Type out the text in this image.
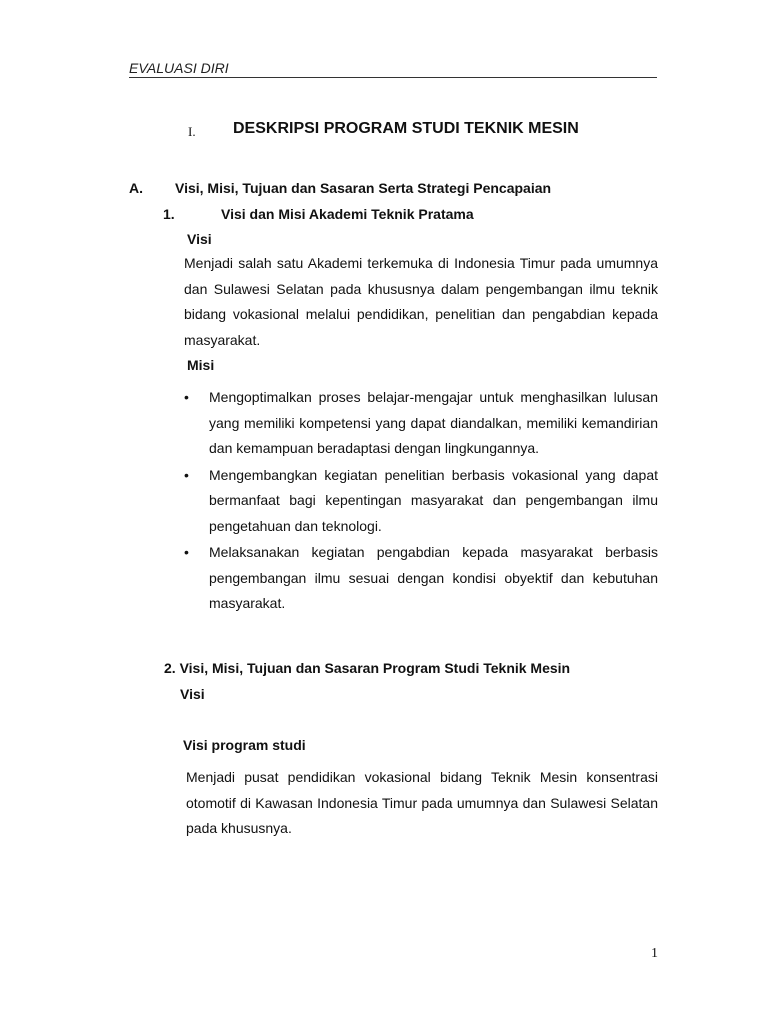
EVALUASI DIRI
I. DESKRIPSI PROGRAM STUDI TEKNIK MESIN
A. Visi, Misi, Tujuan dan Sasaran Serta Strategi Pencapaian
1.	Visi dan Misi Akademi Teknik Pratama
Visi
Menjadi salah satu Akademi terkemuka di Indonesia Timur pada umumnya dan Sulawesi Selatan pada khususnya dalam pengembangan ilmu teknik bidang vokasional melalui pendidikan, penelitian dan pengabdian kepada masyarakat.
Misi
• Mengoptimalkan proses belajar-mengajar untuk menghasilkan lulusan yang memiliki kompetensi yang dapat diandalkan, memiliki kemandirian dan kemampuan beradaptasi dengan lingkungannya.
• Mengembangkan kegiatan penelitian berbasis vokasional yang dapat bermanfaat bagi kepentingan masyarakat dan pengembangan ilmu pengetahuan dan teknologi.
• Melaksanakan kegiatan pengabdian kepada masyarakat berbasis pengembangan ilmu sesuai dengan kondisi obyektif dan kebutuhan masyarakat.
2. Visi, Misi, Tujuan dan Sasaran Program Studi Teknik Mesin
Visi
Visi program studi
Menjadi pusat pendidikan vokasional bidang Teknik Mesin konsentrasi otomotif di Kawasan Indonesia Timur pada umumnya dan Sulawesi Selatan pada khususnya.
1
